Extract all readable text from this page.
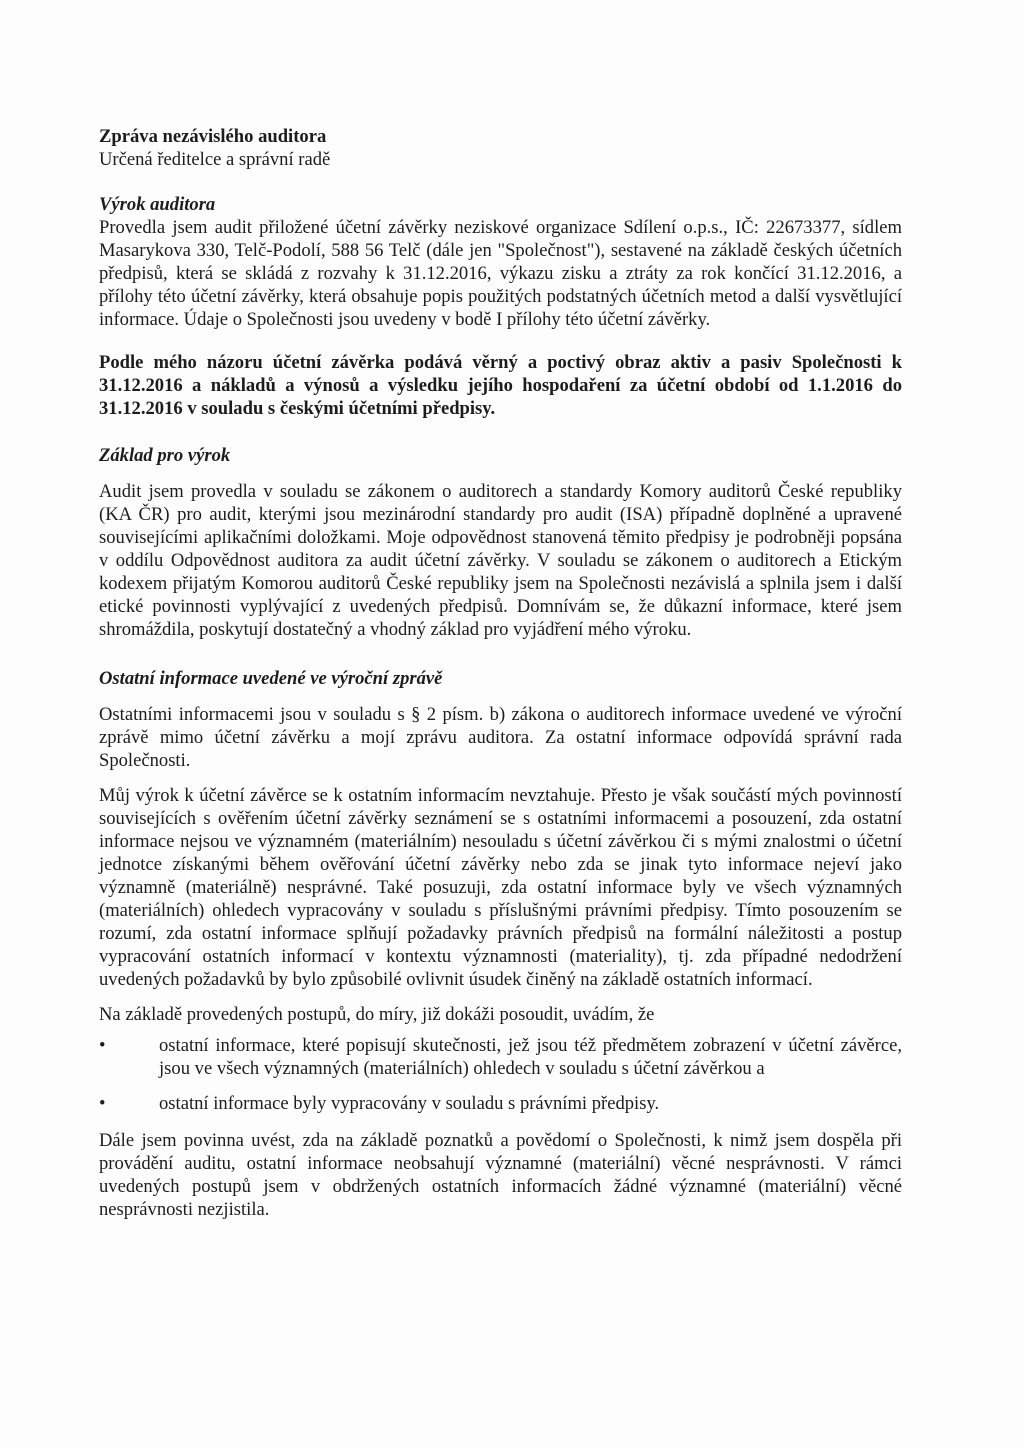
Zpráva nezávislého auditora
Určená ředitelce a správní radě
Výrok auditora

Provedla jsem audit přiložené účetní závěrky neziskové organizace Sdílení o.p.s., IČ: 22673377, sídlem Masarykova 330, Telč-Podolí, 588 56 Telč (dále jen "Společnost"), sestavené na základě českých účetních předpisů, která se skládá z rozvahy k 31.12.2016, výkazu zisku a ztráty za rok končící 31.12.2016, a přílohy této účetní závěrky, která obsahuje popis použitých podstatných účetních metod a další vysvětlující informace. Údaje o Společnosti jsou uvedeny v bodě I přílohy této účetní závěrky.

Podle mého názoru účetní závěrka podává věrný a poctivý obraz aktiv a pasiv Společnosti k 31.12.2016 a nákladů a výnosů a výsledku jejího hospodaření za účetní období od 1.1.2016 do 31.12.2016 v souladu s českými účetními předpisy.

Základ pro výrok

Audit jsem provedla v souladu se zákonem o auditorech a standardy Komory auditorů České republiky (KA ČR) pro audit, kterými jsou mezinárodní standardy pro audit (ISA) případně doplněné a upravené souvisejícími aplikačními doložkami. Moje odpovědnost stanovená těmito předpisy je podrobněji popsána v oddílu Odpovědnost auditora za audit účetní závěrky. V souladu se zákonem o auditorech a Etickým kodexem přijatým Komorou auditorů České republiky jsem na Společnosti nezávislá a splnila jsem i další etické povinnosti vyplývající z uvedených předpisů. Domnívám se, že důkazní informace, které jsem shromáždila, poskytují dostatečný a vhodný základ pro vyjádření mého výroku.

Ostatní informace uvedené ve výroční zprávě

Ostatními informacemi jsou v souladu s § 2 písm. b) zákona o auditorech informace uvedené ve výroční zprávě mimo účetní závěrku a mojí zprávu auditora. Za ostatní informace odpovídá správní rada Společnosti.

Můj výrok k účetní závěrce se k ostatním informacím nevztahuje. Přesto je však součástí mých povinností souvisejících s ověřením účetní závěrky seznámení se s ostatními informacemi a posouzení, zda ostatní informace nejsou ve významném (materiálním) nesouladu s účetní závěrkou či s mými znalostmi o účetní jednotce získanými během ověřování účetní závěrky nebo zda se jinak tyto informace nejeví jako významně (materiálně) nesprávné. Také posuzuji, zda ostatní informace byly ve všech významných (materiálních) ohledech vypracovány v souladu s příslušnými právními předpisy. Tímto posouzením se rozumí, zda ostatní informace splňují požadavky právních předpisů na formální náležitosti a postup vypracování ostatních informací v kontextu významnosti (materiality), tj. zda případné nedodržení uvedených požadavků by bylo způsobilé ovlivnit úsudek činěný na základě ostatních informací.

Na základě provedených postupů, do míry, již dokáži posoudit, uvádím, že

•	ostatní informace, které popisují skutečnosti, jež jsou též předmětem zobrazení v účetní závěrce, jsou ve všech významných (materiálních) ohledech v souladu s účetní závěrkou a
•	ostatní informace byly vypracovány v souladu s právními předpisy.

Dále jsem povinna uvést, zda na základě poznatků a povědomí o Společnosti, k nimž jsem dospěla při provádění auditu, ostatní informace neobsahují významné (materiální) věcné nesprávnosti. V rámci uvedených postupů jsem v obdržených ostatních informacích žádné významné (materiální) věcné nesprávnosti nezjistila.
